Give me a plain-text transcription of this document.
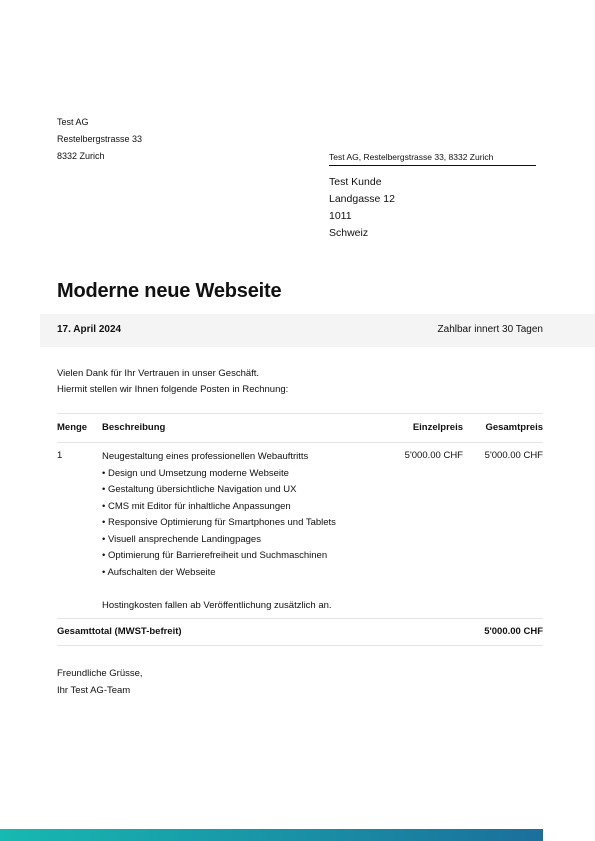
Test AG
Restelbergstrasse 33
8332 Zurich	Test AG, Restelbergstrasse 33, 8332 Zurich
Test Kunde
Landgasse 12
1011
Schweiz
Moderne neue Webseite
17. April 2024	Zahlbar innert 30 Tagen
Vielen Dank für Ihr Vertrauen in unser Geschäft.
Hiermit stellen wir Ihnen folgende Posten in Rechnung:
Menge Beschreibung	Einzelpreis	Gesamtpreis
1	Neugestaltung eines professionellen Webauftritts
• Design und Umsetzung moderne Webseite
• Gestaltung übersichtliche Navigation und UX
• CMS mit Editor für inhaltliche Anpassungen
• Responsive Optimierung für Smartphones und Tablets
• Visuell ansprechende Landingpages
• Optimierung für Barrierefreiheit und Suchmaschinen
• Aufschalten der Webseite
Hostingkosten fallen ab Veröffentlichung zusätzlich an.
5'000.00 CHF	5'000.00 CHF
Gesamttotal (MWST-befreit)	5'000.00 CHF
Freundliche Grüsse,
Ihr Test AG-Team
